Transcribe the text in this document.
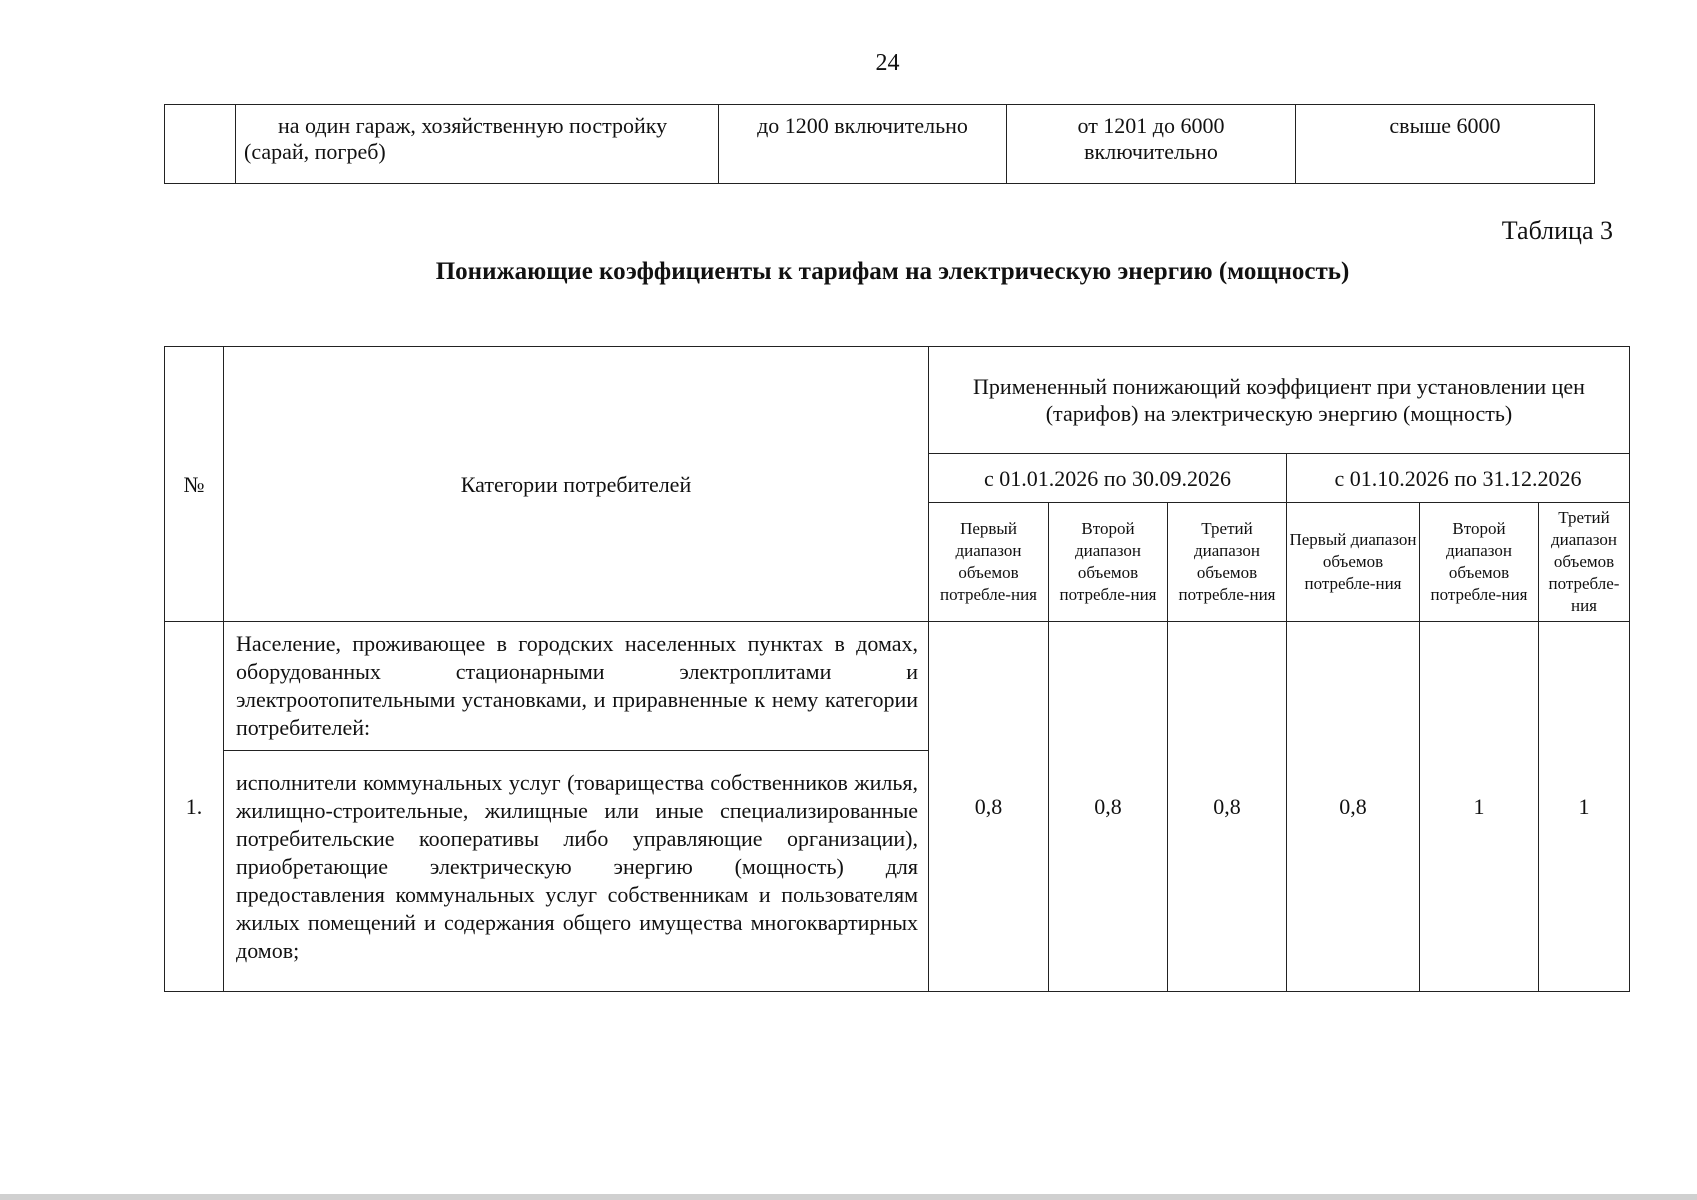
24
	на один гараж, хозяйственную постройку (сарай, погреб)	до 1200 включительно	от 1201 до 6000 включительно	свыше 6000
Таблица 3
Понижающие коэффициенты к тарифам на электрическую энергию (мощность)
№	Категории потребителей	Примененный понижающий коэффициент при установлении цен (тарифов) на электрическую энергию (мощность)					
		с 01.01.2026 по 30.09.2026			с 01.10.2026 по 31.12.2026		
		Первый диапазон объемов потребле-ния	Второй диапазон объемов потребле-ния	Третий диапазон объемов потребле-ния	Первый диапазон объемов потребле-ния	Второй диапазон объемов потребле-ния	Третий диапазон объемов потребле-ния
1.	Население, проживающее в городских населенных пунктах в домах, оборудованных стационарными электроплитами и электроотопительными установками, и приравненные к нему категории потребителей:	0,8	0,8	0,8	0,8	1	1
	исполнители коммунальных услуг (товарищества собственников жилья, жилищно-строительные, жилищные или иные специализированные потребительские кооперативы либо управляющие организации), приобретающие электрическую энергию (мощность) для предоставления коммунальных услуг собственникам и пользователям жилых помещений и содержания общего имущества многоквартирных домов;						
